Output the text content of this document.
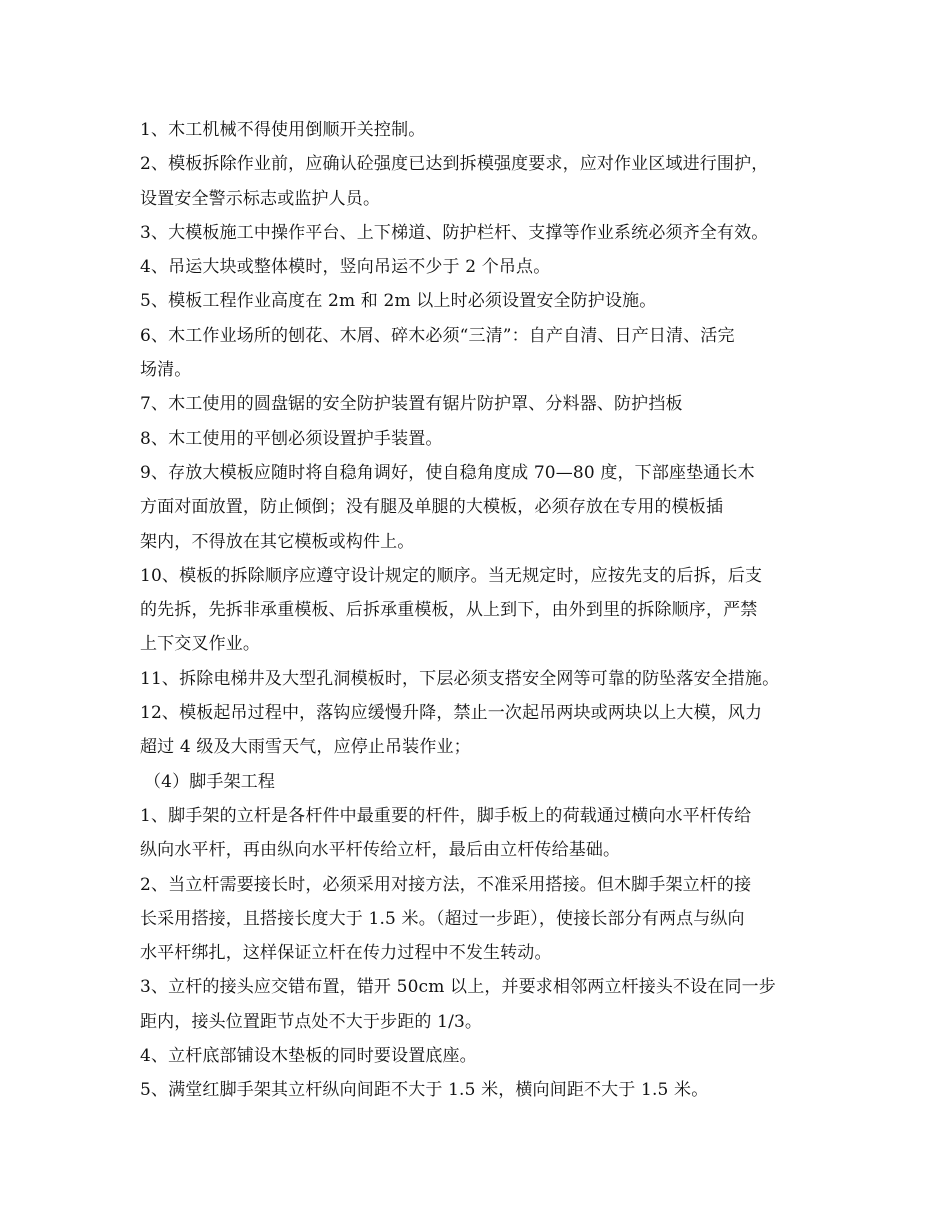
1、木工机械不得使用倒顺开关控制。
2、模板拆除作业前，应确认砼强度已达到拆模强度要求，应对作业区域进行围护，
设置安全警示标志或监护人员。
3、大模板施工中操作平台、上下梯道、防护栏杆、支撑等作业系统必须齐全有效。
4、吊运大块或整体模时，竖向吊运不少于 2 个吊点。
5、模板工程作业高度在 2m 和 2m 以上时必须设置安全防护设施。
6、木工作业场所的刨花、木屑、碎木必须“三清”：自产自清、日产日清、活完
场清。
7、木工使用的圆盘锯的安全防护装置有锯片防护罩、分料器、防护挡板
8、木工使用的平刨必须设置护手装置。
9、存放大模板应随时将自稳角调好，使自稳角度成 70—80 度，下部座垫通长木
方面对面放置，防止倾倒；没有腿及单腿的大模板，必须存放在专用的模板插
架内，不得放在其它模板或构件上。
10、模板的拆除顺序应遵守设计规定的顺序。当无规定时，应按先支的后拆，后支
的先拆，先拆非承重模板、后拆承重模板，从上到下，由外到里的拆除顺序，严禁
上下交叉作业。
11、拆除电梯井及大型孔洞模板时，下层必须支搭安全网等可靠的防坠落安全措施。
12、模板起吊过程中，落钩应缓慢升降，禁止一次起吊两块或两块以上大模，风力
超过 4 级及大雨雪天气，应停止吊装作业；
（4）脚手架工程
1、脚手架的立杆是各杆件中最重要的杆件，脚手板上的荷载通过横向水平杆传给
纵向水平杆，再由纵向水平杆传给立杆，最后由立杆传给基础。
2、当立杆需要接长时，必须采用对接方法，不准采用搭接。但木脚手架立杆的接
长采用搭接，且搭接长度大于 1.5 米。（超过一步距），使接长部分有两点与纵向
水平杆绑扎，这样保证立杆在传力过程中不发生转动。
3、立杆的接头应交错布置，错开 50cm 以上，并要求相邻两立杆接头不设在同一步
距内，接头位置距节点处不大于步距的 1/3。
4、立杆底部铺设木垫板的同时要设置底座。
5、满堂红脚手架其立杆纵向间距不大于 1.5 米，横向间距不大于 1.5 米。
